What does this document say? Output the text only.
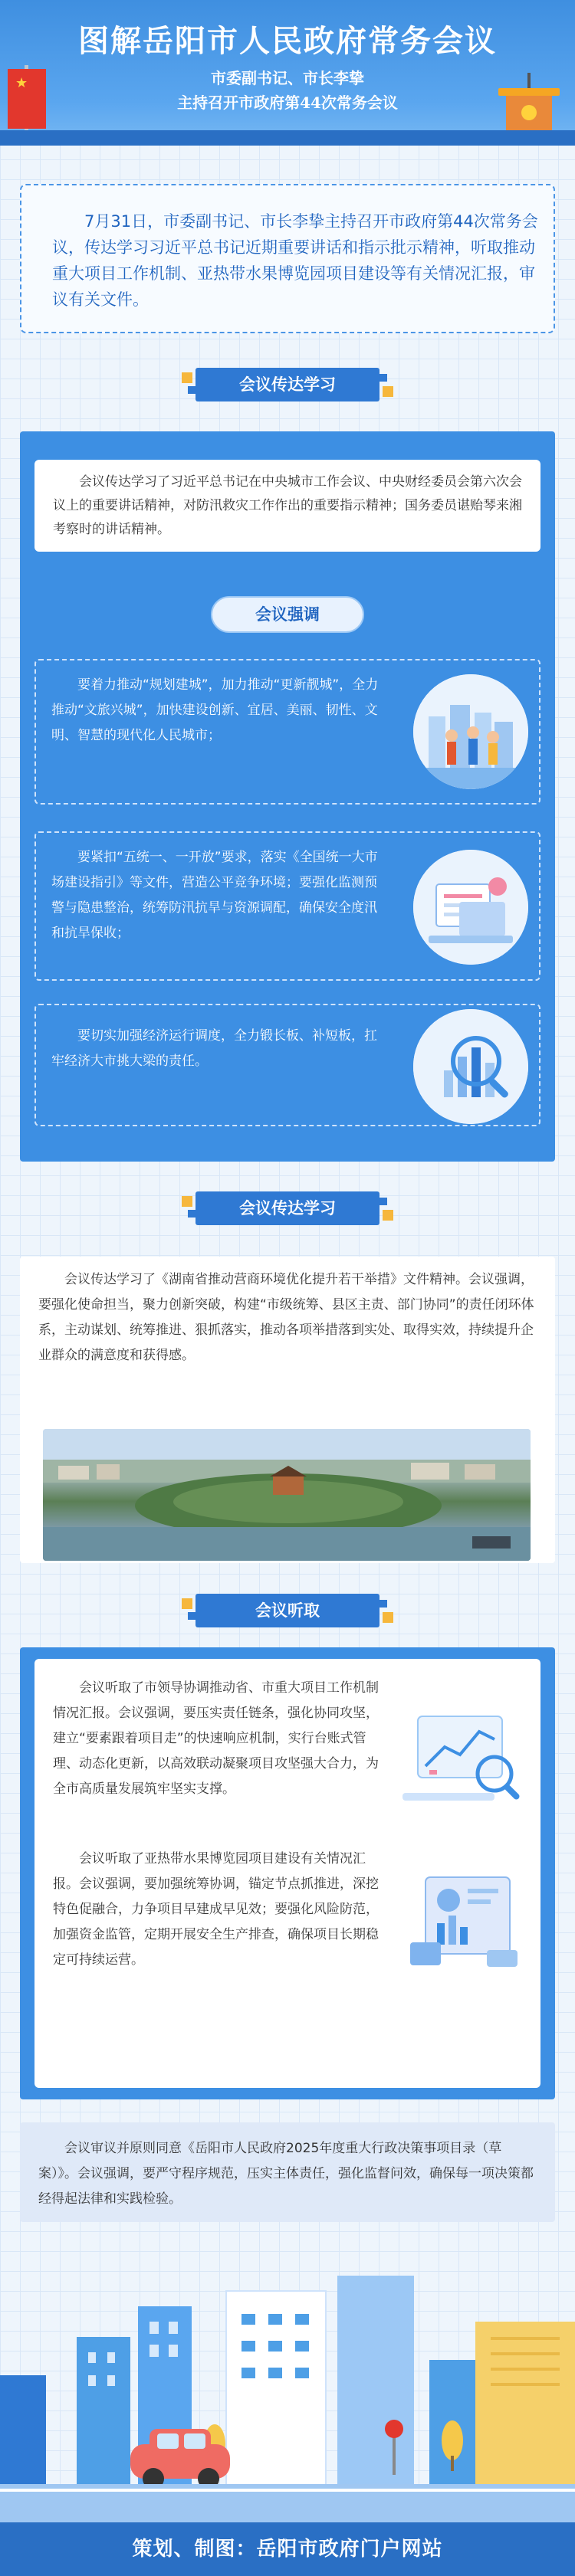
★
图解岳阳市人民政府常务会议
市委副书记、市长李挚
主持召开市政府第44次常务会议
7月31日，市委副书记、市长李挚主持召开市政府第44次常务会议，传达学习习近平总书记近期重要讲话和指示批示精神，听取推动重大项目工作机制、亚热带水果博览园项目建设等有关情况汇报，审议有关文件。
会议传达学习
会议传达学习了习近平总书记在中央城市工作会议、中央财经委员会第六次会议上的重要讲话精神，对防汛救灾工作作出的重要指示精神；国务委员谌贻琴来湘考察时的讲话精神。
会议强调
要着力推动“规划建城”，加力推动“更新靓城”，全力推动“文旅兴城”，加快建设创新、宜居、美丽、韧性、文明、智慧的现代化人民城市；
要紧扣“五统一、一开放”要求，落实《全国统一大市场建设指引》等文件，营造公平竞争环境；要强化监测预警与隐患整治，统筹防汛抗旱与资源调配，确保安全度汛和抗旱保收；
要切实加强经济运行调度，全力锻长板、补短板，扛牢经济大市挑大梁的责任。
会议传达学习
会议传达学习了《湖南省推动营商环境优化提升若干举措》文件精神。会议强调，要强化使命担当，聚力创新突破，构建“市级统筹、县区主责、部门协同”的责任闭环体系，主动谋划、统筹推进、狠抓落实，推动各项举措落到实处、取得实效，持续提升企业群众的满意度和获得感。
会议听取
会议听取了市领导协调推动省、市重大项目工作机制情况汇报。会议强调，要压实责任链条，强化协同攻坚，建立“要素跟着项目走”的快速响应机制，实行台账式管理、动态化更新，以高效联动凝聚项目攻坚强大合力，为全市高质量发展筑牢坚实支撑。
会议听取了亚热带水果博览园项目建设有关情况汇报。会议强调，要加强统筹协调，锚定节点抓推进，深挖特色促融合，力争项目早建成早见效；要强化风险防范，加强资金监管，定期开展安全生产排查，确保项目长期稳定可持续运营。
会议审议并原则同意《岳阳市人民政府2025年度重大行政决策事项目录（草案）》。会议强调，要严守程序规范，压实主体责任，强化监督问效，确保每一项决策都经得起法律和实践检验。
策划、制图：岳阳市政府门户网站
